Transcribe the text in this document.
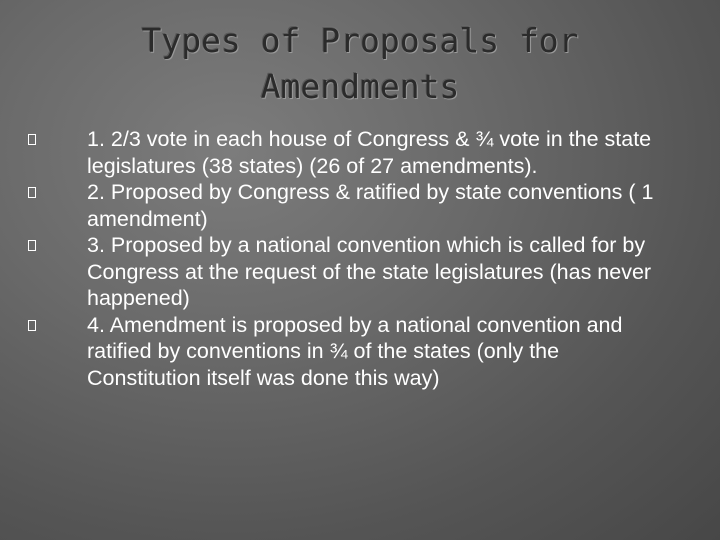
Types of Proposals for Amendments
1. 2/3 vote in each house of Congress & ¾ vote in the state legislatures (38 states) (26 of 27 amendments).
2. Proposed by Congress & ratified by state conventions ( 1 amendment)
3. Proposed by a national convention which is called for by Congress at the request of the state legislatures (has never happened)
4. Amendment is proposed by a national convention and ratified by conventions in ¾ of the states (only the Constitution itself was done this way)
